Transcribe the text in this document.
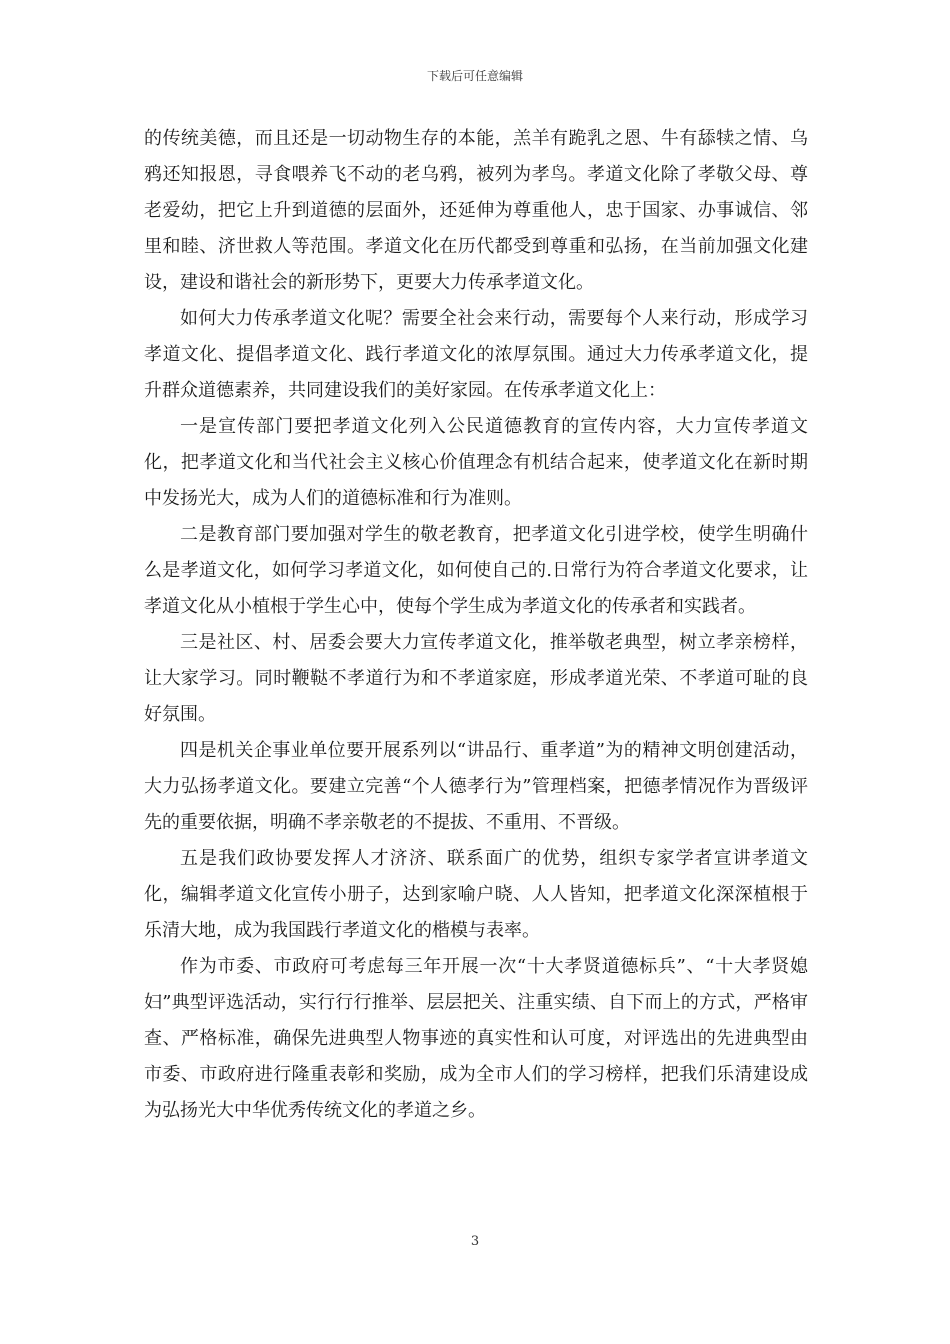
下载后可任意编辑

的传统美德，而且还是一切动物生存的本能，羔羊有跪乳之恩、牛有舔犊之情、乌鸦还知报恩，寻食喂养飞不动的老乌鸦，被列为孝鸟。孝道文化除了孝敬父母、尊老爱幼，把它上升到道德的层面外，还延伸为尊重他人，忠于国家、办事诚信、邻里和睦、济世救人等范围。孝道文化在历代都受到尊重和弘扬，在当前加强文化建设，建设和谐社会的新形势下，更要大力传承孝道文化。

如何大力传承孝道文化呢？需要全社会来行动，需要每个人来行动，形成学习孝道文化、提倡孝道文化、践行孝道文化的浓厚氛围。通过大力传承孝道文化，提升群众道德素养，共同建设我们的美好家园。在传承孝道文化上：

一是宣传部门要把孝道文化列入公民道德教育的宣传内容，大力宣传孝道文化，把孝道文化和当代社会主义核心价值理念有机结合起来，使孝道文化在新时期中发扬光大，成为人们的道德标准和行为准则。

二是教育部门要加强对学生的敬老教育，把孝道文化引进学校，使学生明确什么是孝道文化，如何学习孝道文化，如何使自己的.日常行为符合孝道文化要求，让孝道文化从小植根于学生心中，使每个学生成为孝道文化的传承者和实践者。

三是社区、村、居委会要大力宣传孝道文化，推举敬老典型，树立孝亲榜样，让大家学习。同时鞭鞑不孝道行为和不孝道家庭，形成孝道光荣、不孝道可耻的良好氛围。

四是机关企事业单位要开展系列以“讲品行、重孝道”为的精神文明创建活动，大力弘扬孝道文化。要建立完善“个人德孝行为”管理档案，把德孝情况作为晋级评先的重要依据，明确不孝亲敬老的不提拔、不重用、不晋级。

五是我们政协要发挥人才济济、联系面广的优势，组织专家学者宣讲孝道文化，编辑孝道文化宣传小册子，达到家喻户晓、人人皆知，把孝道文化深深植根于乐清大地，成为我国践行孝道文化的楷模与表率。

作为市委、市政府可考虑每三年开展一次“十大孝贤道德标兵”、“十大孝贤媳妇”典型评选活动，实行行行推举、层层把关、注重实绩、自下而上的方式，严格审查、严格标准，确保先进典型人物事迹的真实性和认可度，对评选出的先进典型由市委、市政府进行隆重表彰和奖励，成为全市人们的学习榜样，把我们乐清建设成为弘扬光大中华优秀传统文化的孝道之乡。

3
